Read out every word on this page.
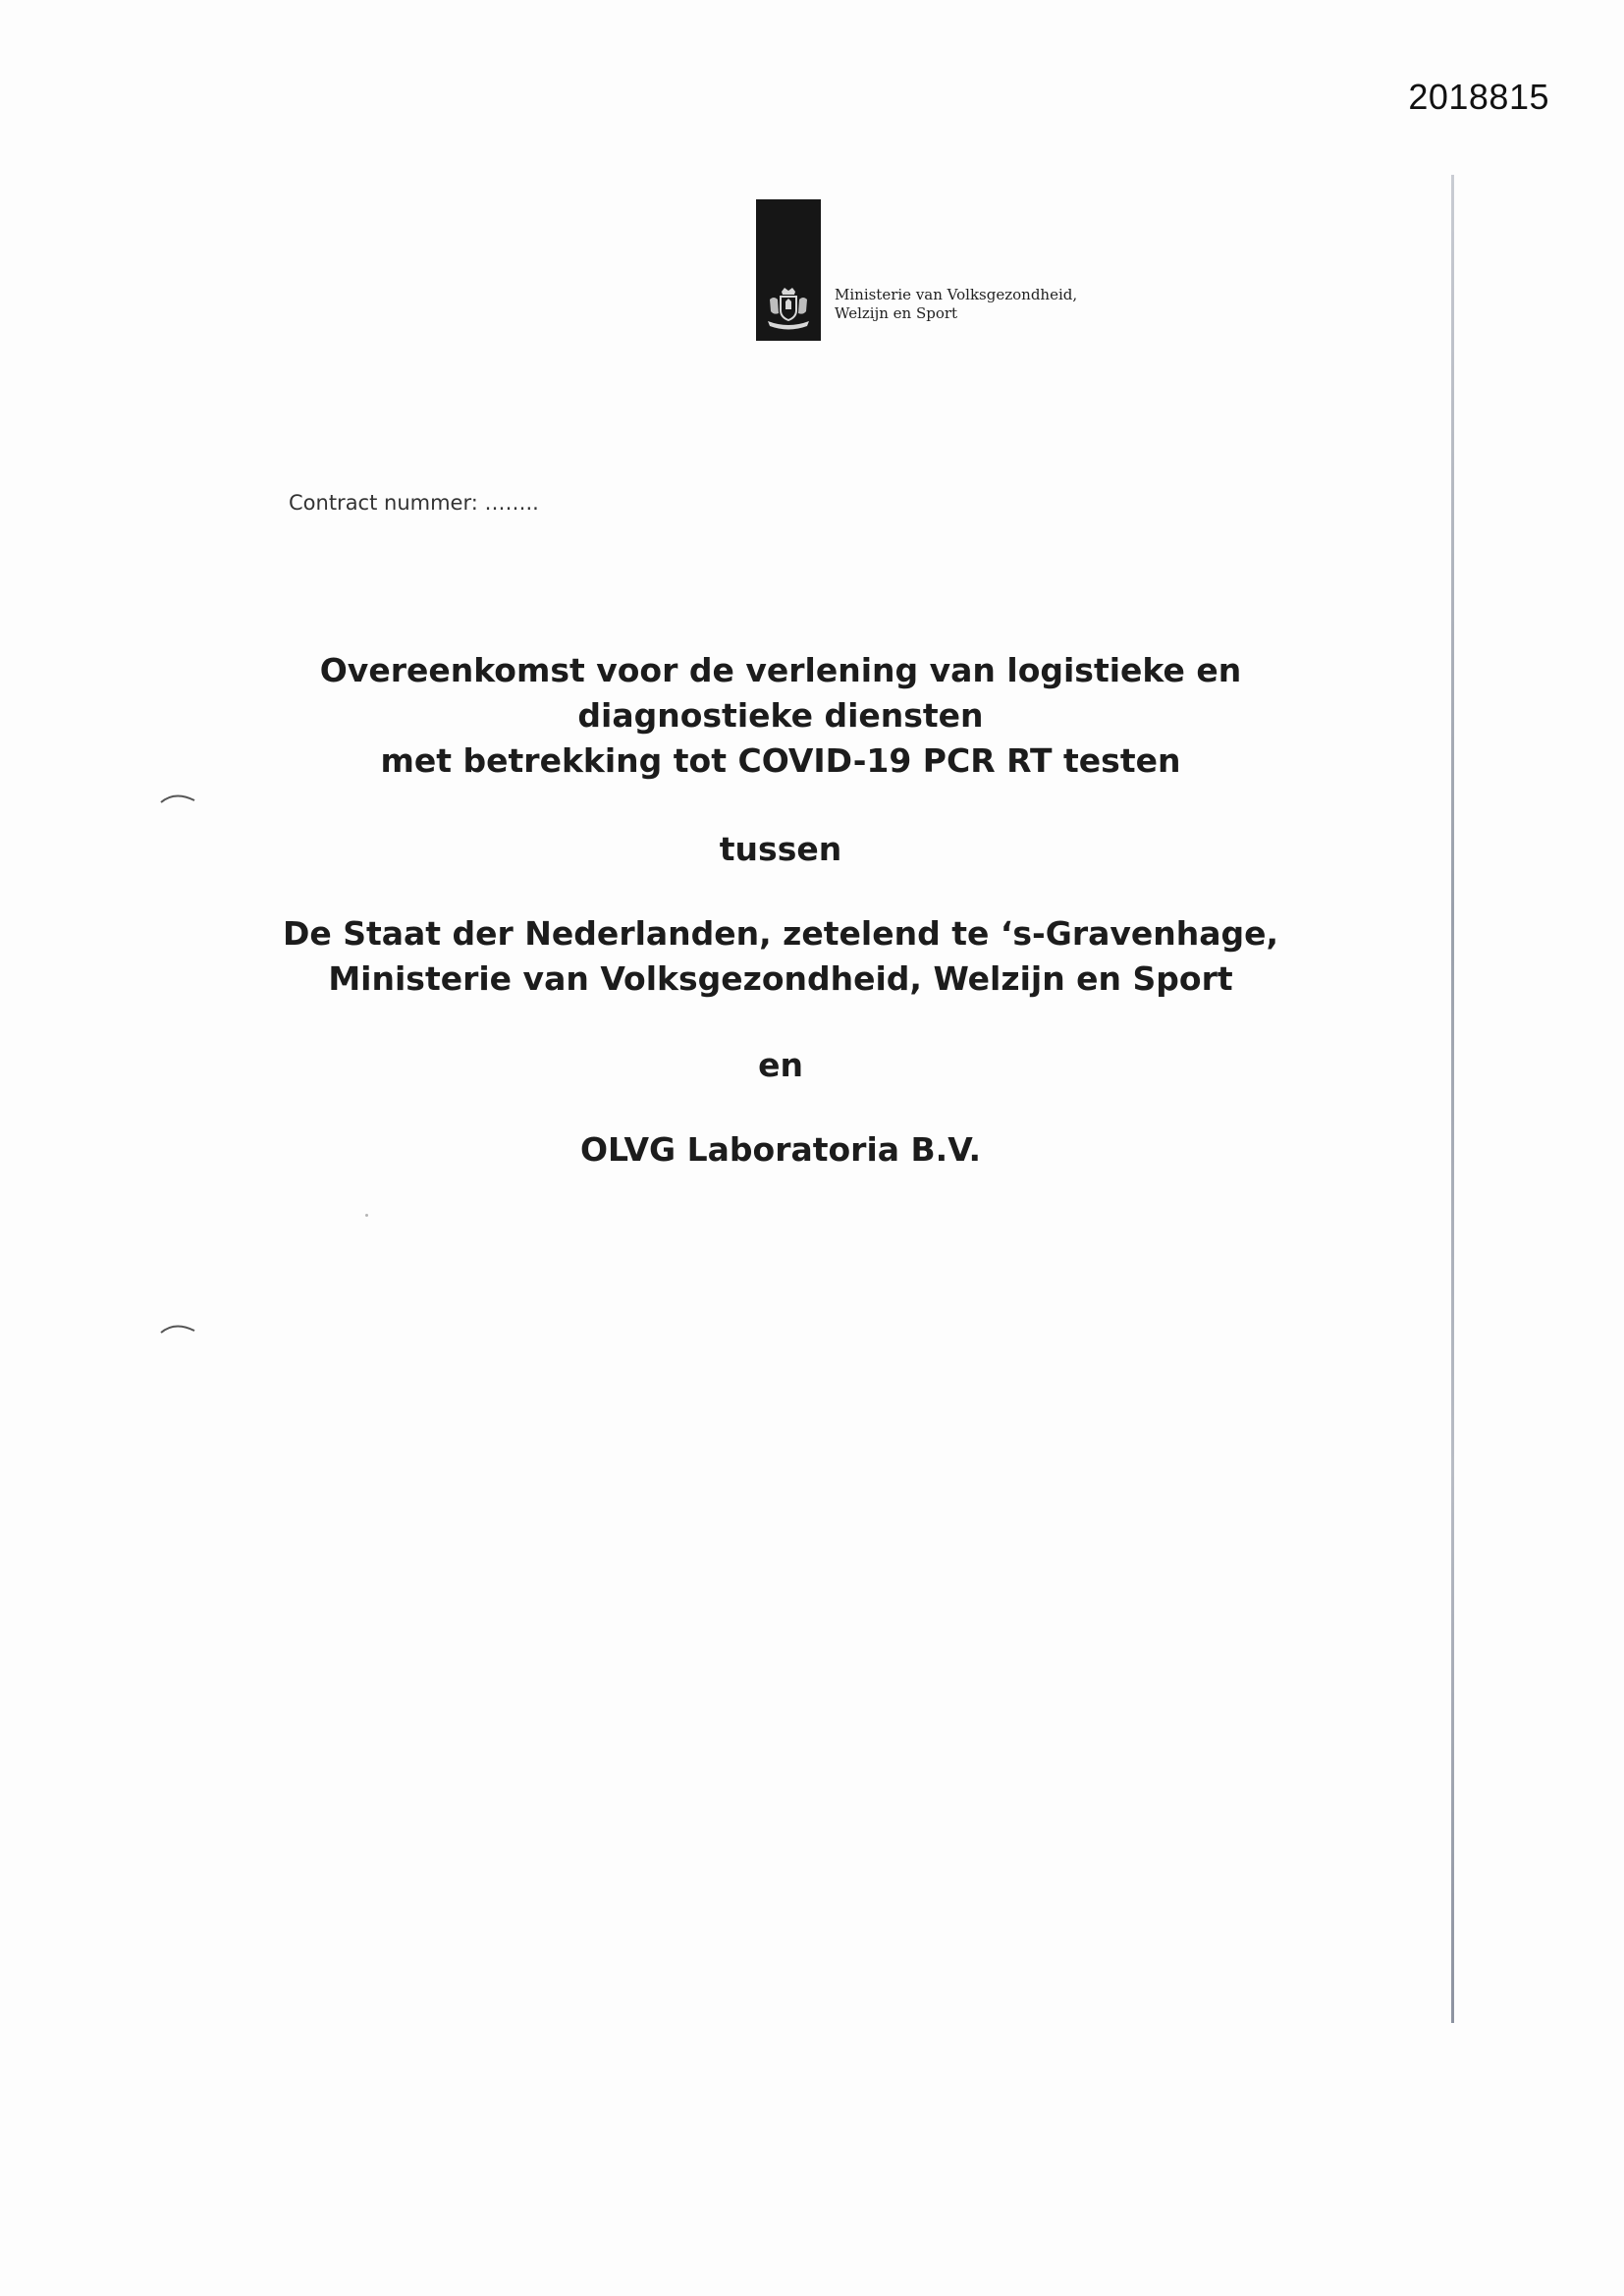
2018815
Ministerie van Volksgezondheid,
Welzijn en Sport
Contract nummer: ……..
Overeenkomst voor de verlening van logistieke en
diagnostieke diensten
met betrekking tot COVID-19 PCR RT testen
tussen
De Staat der Nederlanden, zetelend te ‘s-Gravenhage,
Ministerie van Volksgezondheid, Welzijn en Sport
en
OLVG Laboratoria B.V.
